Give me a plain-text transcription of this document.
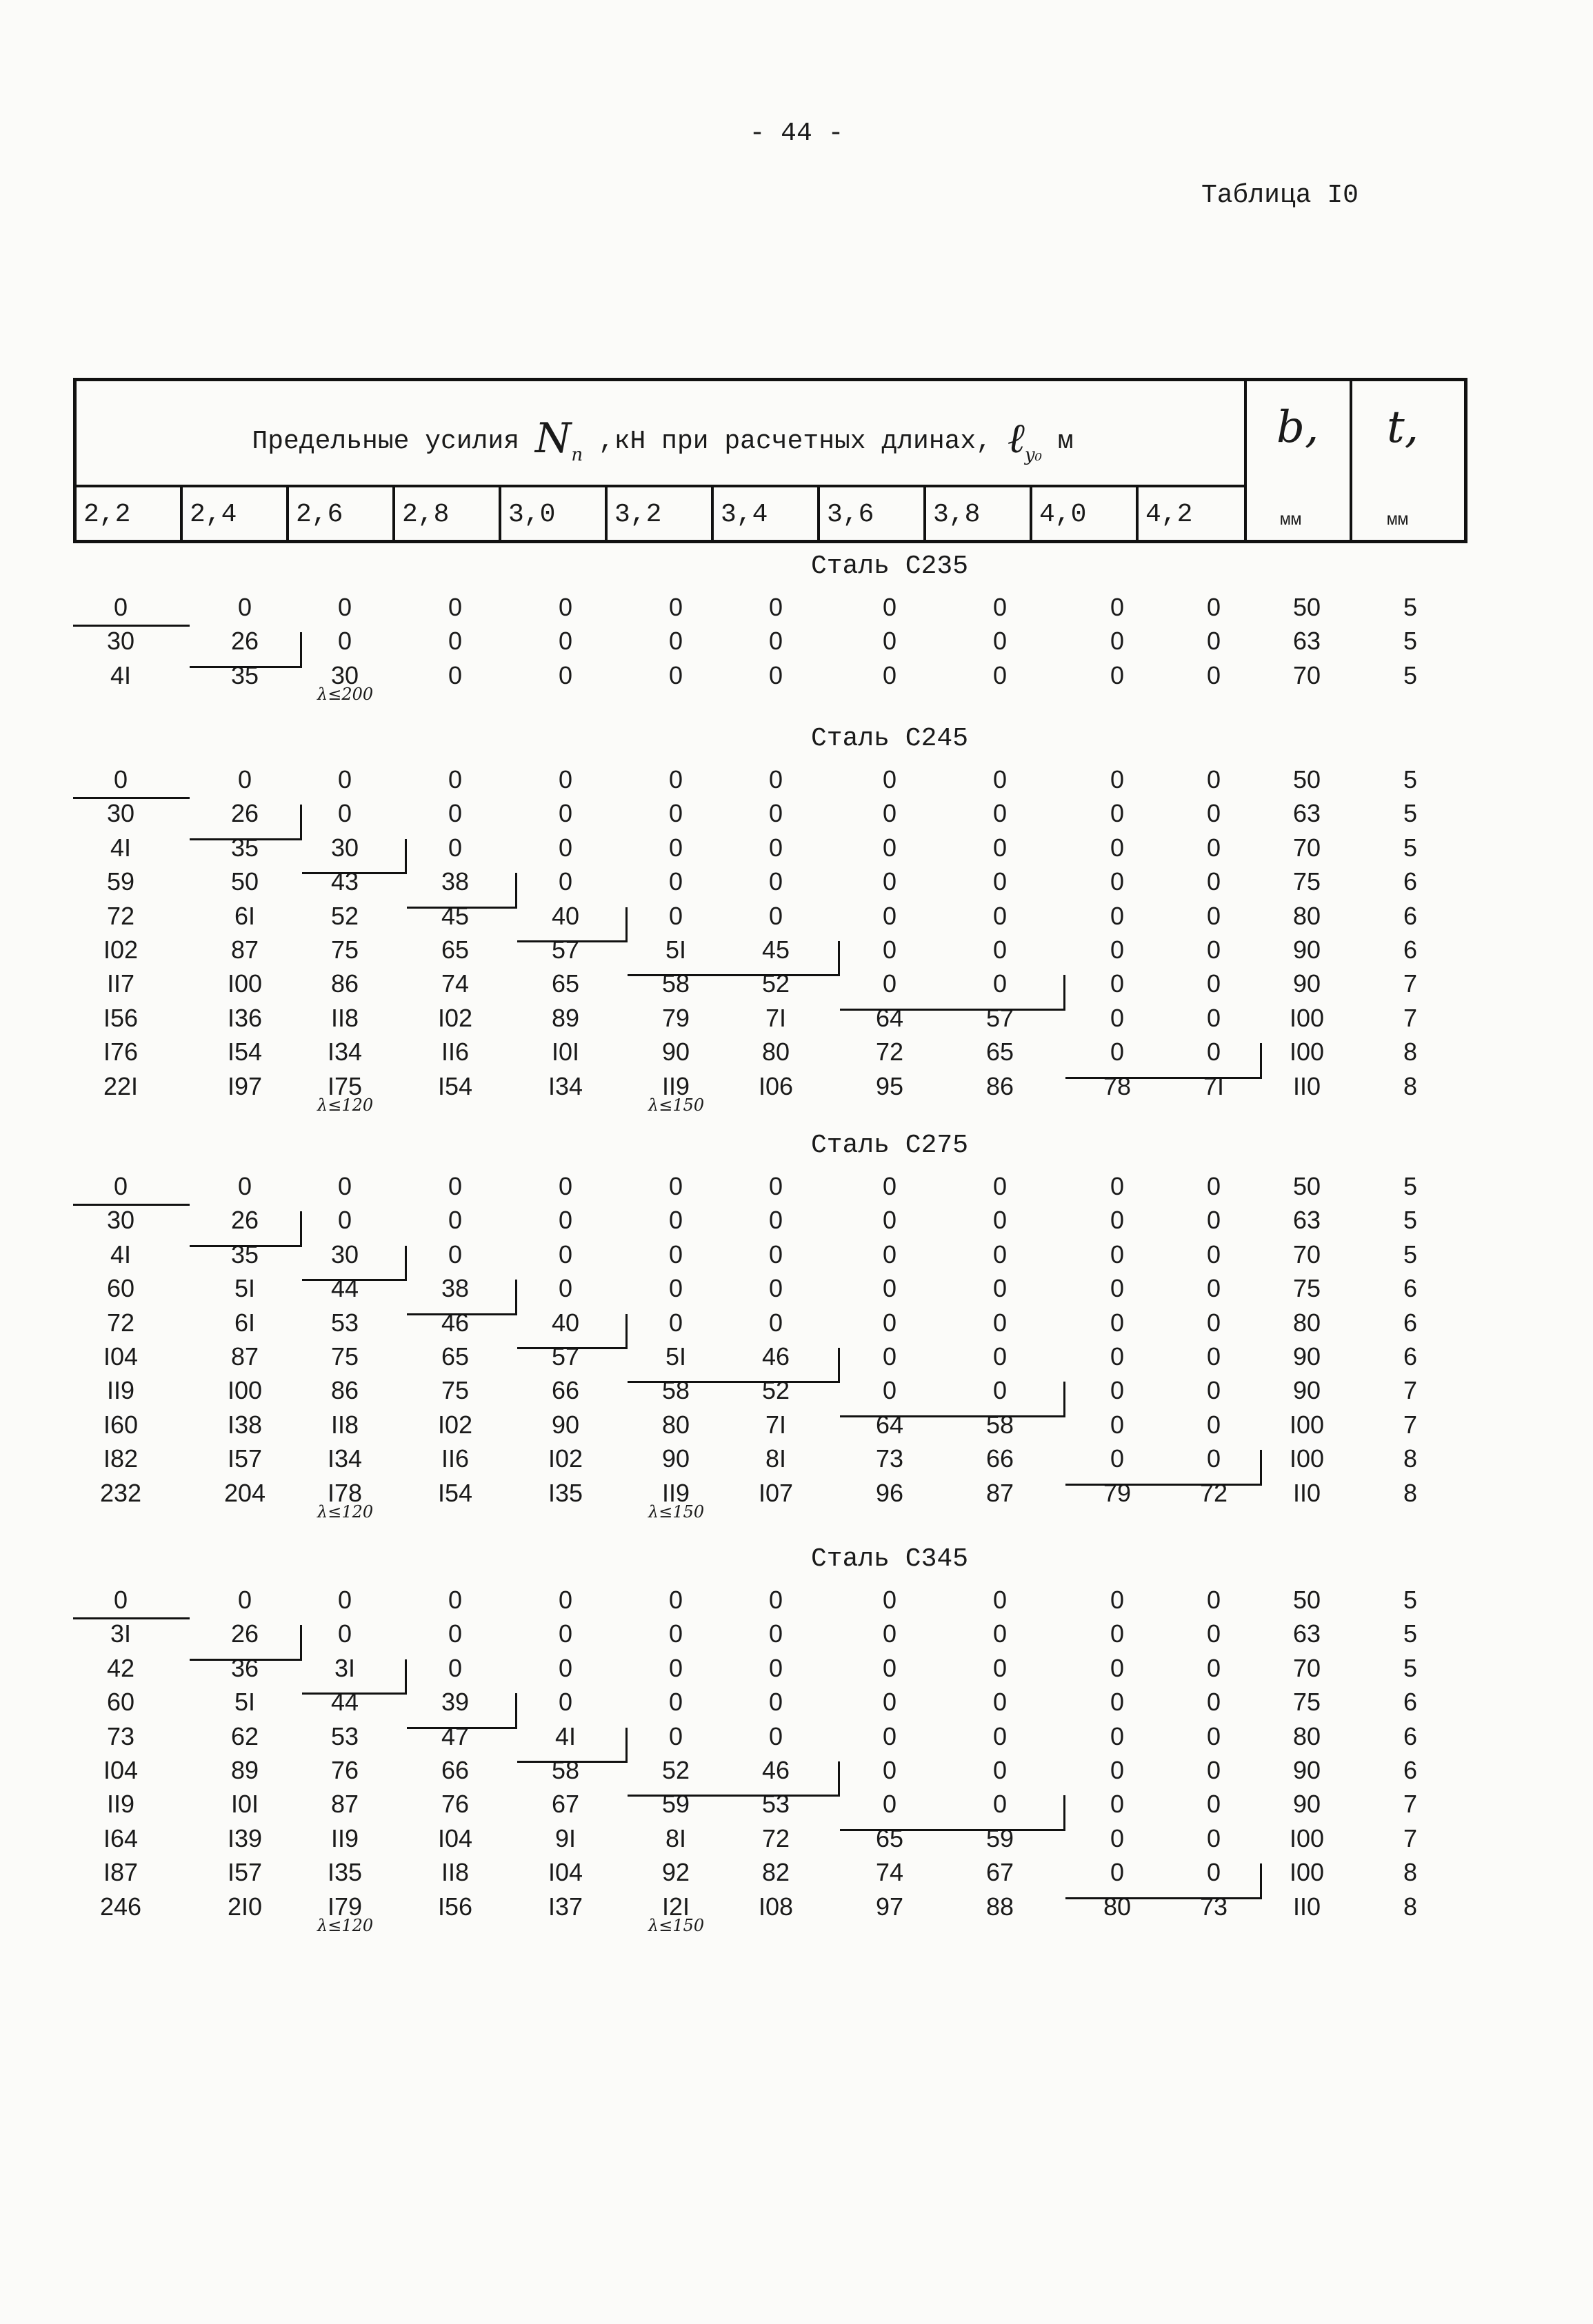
- 44 -
Таблица I0
Предельные усилия $N_п$ ,кН при расчетных длинах, ℓ$_{y_0}$ м	b, t,
мм	мм
2,2 2,4 2,6 2,8 3,0 3,2 3,4 3,6 3,8 4,0 4,2
Сталь С235
0	0	0	0	0	0	0	0	0	0	0	50	5
30	26	0	0	0	0	0	0	0	0	0	63	5
4I	35	30	0	0	0	0	0	0	0	0	70	5
λ≤200
Сталь С245
0	0	0	0	0	0	0	0	0	0	0	50	5
30	26	0	0	0	0	0	0	0	0	0	63	5
4I	35	30	0	0	0	0	0	0	0	0	70	5
59	50	43	38	0	0	0	0	0	0	0	75	6
72	6I	52	45	40	0	0	0	0	0	0	80	6
I02	87	75	65	57	5I	45	0	0	0	0	90	6
II7	I00	86	74	65	58	52	0	0	0	0	90	7
I56	I36	II8	I02	89	79	7I	64	57	0	0	I00	7
I76	I54	I34	II6	I0I	90	80	72	65	0	0	I00	8
22I	I97	I75	I54	I34	II9	I06	95	86	78	7I	II0	8
λ≤120	λ≤150
Сталь С275
0	0	0	0	0	0	0	0	0	0	0	50	5
30	26	0	0	0	0	0	0	0	0	0	63	5
4I	35	30	0	0	0	0	0	0	0	0	70	5
60	5I	44	38	0	0	0	0	0	0	0	75	6
72	6I	53	46	40	0	0	0	0	0	0	80	6
I04	87	75	65	57	5I	46	0	0	0	0	90	6
II9	I00	86	75	66	58	52	0	0	0	0	90	7
I60	I38	II8	I02	90	80	7I	64	58	0	0	I00	7
I82	I57	I34	II6	I02	90	8I	73	66	0	0	I00	8
232	204	I78	I54	I35	II9	I07	96	87	79	72	II0	8
λ≤120	λ≤150
Сталь С345
0	0	0	0	0	0	0	0	0	0	0	50	5
3I	26	0	0	0	0	0	0	0	0	0	63	5
42	36	3I	0	0	0	0	0	0	0	0	70	5
60	5I	44	39	0	0	0	0	0	0	0	75	6
73	62	53	47	4I	0	0	0	0	0	0	80	6
I04	89	76	66	58	52	46	0	0	0	0	90	6
II9	I0I	87	76	67	59	53	0	0	0	0	90	7
I64	I39	II9	I04	9I	8I	72	65	59	0	0	I00	7
I87	I57	I35	II8	I04	92	82	74	67	0	0	I00	8
246	2I0	I79	I56	I37	I2I	I08	97	88	80	73	II0	8
λ≤120	λ≤150
